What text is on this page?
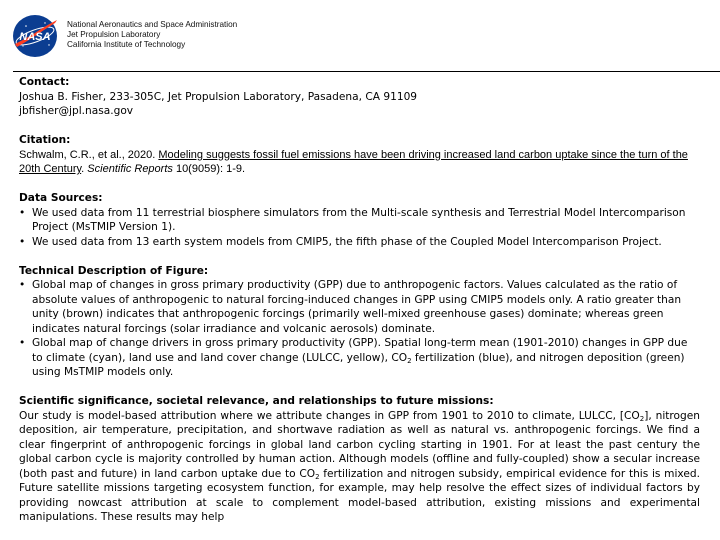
NASA
National Aeronautics and Space Administration
Jet Propulsion Laboratory
California Institute of Technology
Contact:
Joshua B. Fisher, 233-305C, Jet Propulsion Laboratory, Pasadena, CA 91109
jbfisher@jpl.nasa.gov
Citation:
Schwalm, C.R., et al., 2020. Modeling suggests fossil fuel emissions have been driving increased land carbon uptake since the turn of the 20th Century. Scientific Reports 10(9059): 1-9.
Data Sources:
• We used data from 11 terrestrial biosphere simulators from the Multi-scale synthesis and Terrestrial Model Intercomparison Project (MsTMIP Version 1).
• We used data from 13 earth system models from CMIP5, the fifth phase of the Coupled Model Intercomparison Project.
Technical Description of Figure:
• Global map of changes in gross primary productivity (GPP) due to anthropogenic factors. Values calculated as the ratio of absolute values of anthropogenic to natural forcing-induced changes in GPP using CMIP5 models only. A ratio greater than unity (brown) indicates that anthropogenic forcings (primarily well-mixed greenhouse gases) dominate; whereas green indicates natural forcings (solar irradiance and volcanic aerosols) dominate.
• Global map of change drivers in gross primary productivity (GPP). Spatial long-term mean (1901-2010) changes in GPP due to climate (cyan), land use and land cover change (LULCC, yellow), $CO_2$ fertilization (blue), and nitrogen deposition (green) using MsTMIP models only.
Scientific significance, societal relevance, and relationships to future missions:
Our study is model-based attribution where we attribute changes in GPP from 1901 to 2010 to climate, LULCC, $[CO_2]$, nitrogen deposition, air temperature, precipitation, and shortwave radiation as well as natural vs. anthropogenic forcings. We find a clear fingerprint of anthropogenic forcings in global land carbon cycling starting in 1901. For at least the past century the global carbon cycle is majority controlled by human action. Although models (offline and fully-coupled) show a secular increase (both past and future) in land carbon uptake due to $CO_2$ fertilization and nitrogen subsidy, empirical evidence for this is mixed. Future satellite missions targeting ecosystem function, for example, may help resolve the effect sizes of individual factors by providing nowcast attribution at scale to complement model-based attribution, existing missions and experimental manipulations. These results may help
